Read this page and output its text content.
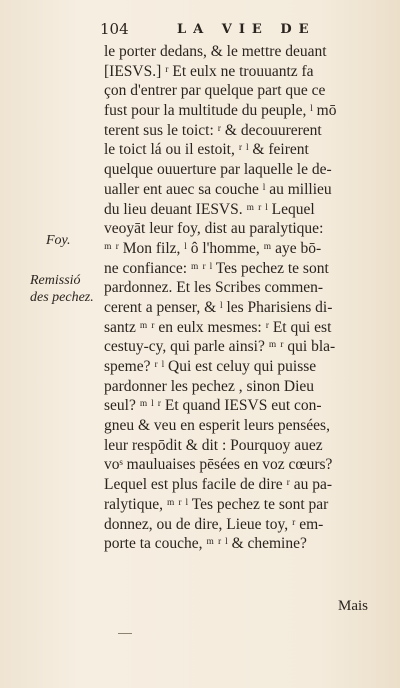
104	LA VIE DE
Foy.
Remissió
des pechez.
le porter dedans, & le mettre deuant
[IESVS.] ʳ Et eulx ne trouuantz fa
çon d'entrer par quelque part que ce
fust pour la multitude du peuple, ˡ mō
terent sus le toict: ʳ & decouurerent
le toict lá ou il estoit, ʳ ˡ & feirent
quelque ouuerture par laquelle le de-
ualler ent auec sa couche ˡ au millieu
du lieu deuant IESVS. ᵐ ʳ ˡ Lequel
veoyāt leur foy, dist au paralytique:
ᵐ ʳ Mon filz, ˡ ô l'homme, ᵐ aye bō-
ne confiance: ᵐ ʳ ˡ Tes pechez te sont
pardonnez. Et les Scribes commen-
cerent a penser, & ˡ les Pharisiens di-
santz ᵐ ʳ en eulx mesmes: ʳ Et qui est
cestuy-cy, qui parle ainsi? ᵐ ʳ qui bla-
speme? ʳ ˡ Qui est celuy qui puisse
pardonner les pechez , sinon Dieu
seul? ᵐ ˡ ʳ Et quand IESVS eut con-
gneu & veu en esperit leurs pensées,
leur respōdit & dit : Pourquoy auez
voˢ mauluaises pēsées en voz cœurs?
Lequel est plus facile de dire ʳ au pa-
ralytique, ᵐ ʳ ˡ Tes pechez te sont par
donnez, ou de dire, Lieue toy, ʳ em-
porte ta couche, ᵐ ʳ ˡ & chemine?
Mais
